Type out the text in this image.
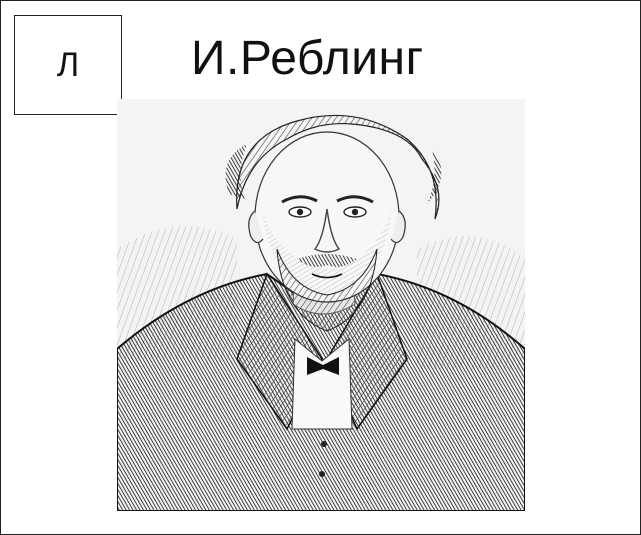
Л И.Реблинг
